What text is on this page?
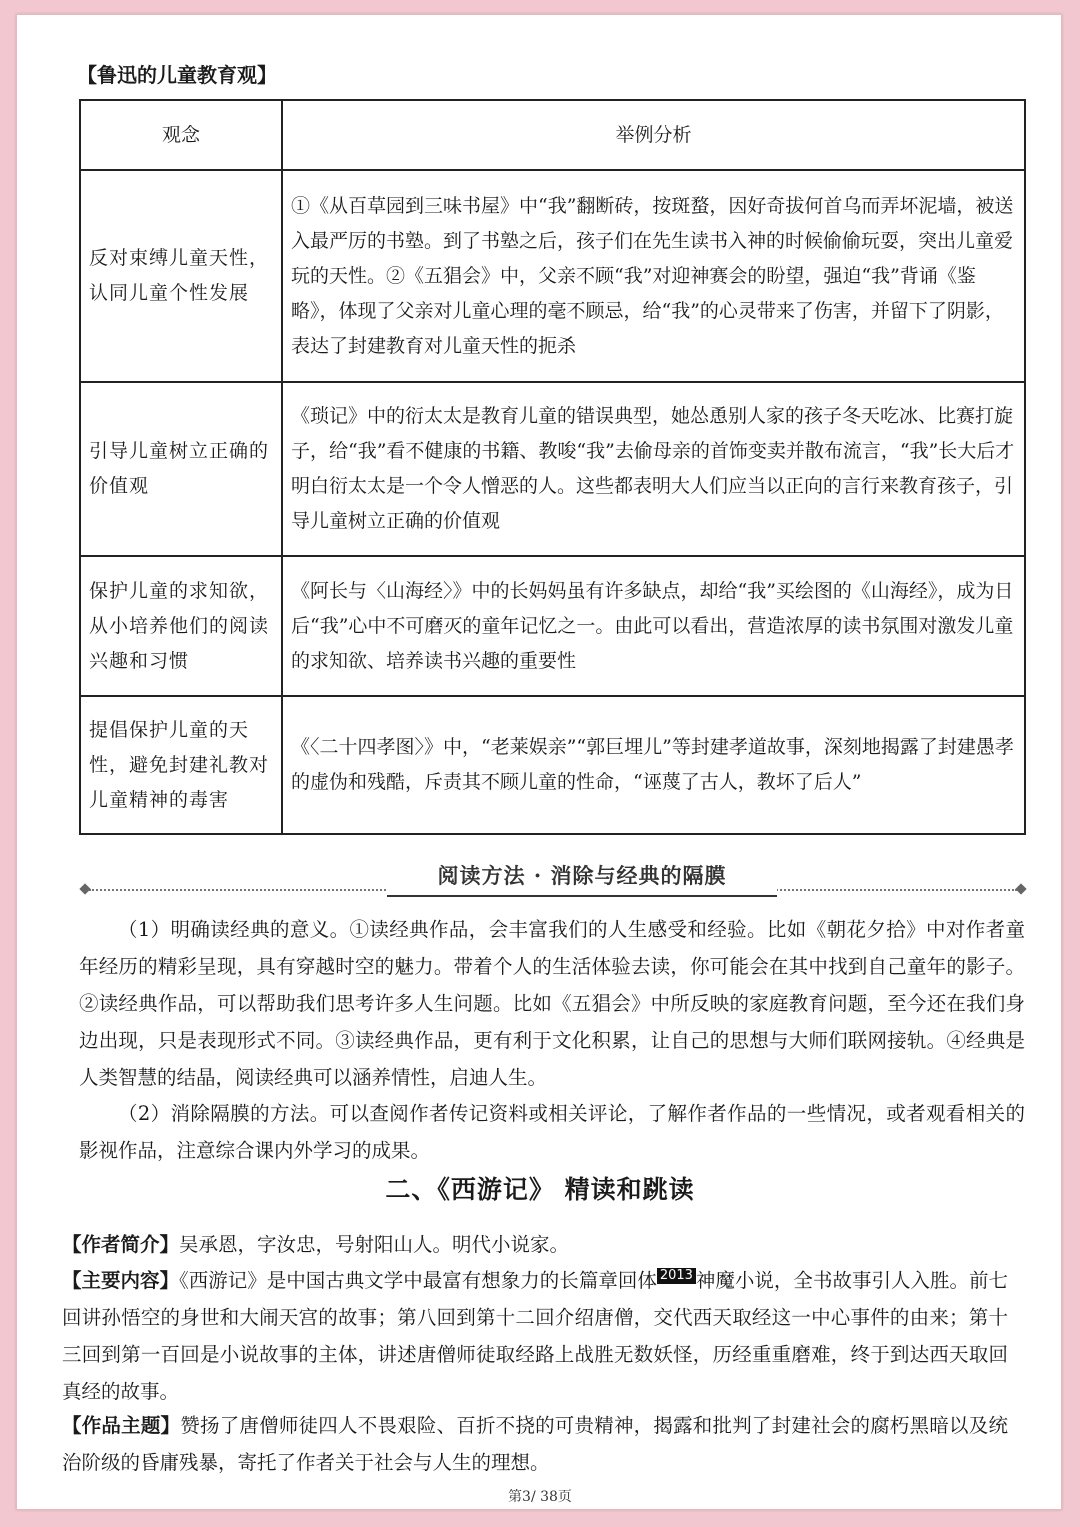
【鲁迅的儿童教育观】
观念	举例分析
反对束缚儿童天性，认同儿童个性发展	①《从百草园到三味书屋》中“我”翻断砖，按斑蝥，因好奇拔何首乌而弄坏泥墙，被送入最严厉的书塾。到了书塾之后，孩子们在先生读书入神的时候偷偷玩耍，突出儿童爱玩的天性。②《五猖会》中，父亲不顾“我”对迎神赛会的盼望，强迫“我”背诵《鉴略》，体现了父亲对儿童心理的毫不顾忌，给“我”的心灵带来了伤害，并留下了阴影，表达了封建教育对儿童天性的扼杀
引导儿童树立正确的价值观	《琐记》中的衍太太是教育儿童的错误典型，她怂恿别人家的孩子冬天吃冰、比赛打旋子，给“我”看不健康的书籍、教唆“我”去偷母亲的首饰变卖并散布流言，“我”长大后才明白衍太太是一个令人憎恶的人。这些都表明大人们应当以正向的言行来教育孩子，引导儿童树立正确的价值观
保护儿童的求知欲，从小培养他们的阅读兴趣和习惯	《阿长与〈山海经〉》中的长妈妈虽有许多缺点，却给“我”买绘图的《山海经》，成为日后“我”心中不可磨灭的童年记忆之一。由此可以看出，营造浓厚的读书氛围对激发儿童的求知欲、培养读书兴趣的重要性
提倡保护儿童的天性，避免封建礼教对儿童精神的毒害	《〈二十四孝图〉》中，“老莱娱亲”“郭巨埋儿”等封建孝道故事，深刻地揭露了封建愚孝的虚伪和残酷，斥责其不顾儿童的性命，“诬蔑了古人，教坏了后人”
阅读方法 · 消除与经典的隔膜
（1）明确读经典的意义。①读经典作品，会丰富我们的人生感受和经验。比如《朝花夕拾》中对作者童年经历的精彩呈现，具有穿越时空的魅力。带着个人的生活体验去读，你可能会在其中找到自己童年的影子。②读经典作品，可以帮助我们思考许多人生问题。比如《五猖会》中所反映的家庭教育问题，至今还在我们身边出现，只是表现形式不同。③读经典作品，更有利于文化积累，让自己的思想与大师们联网接轨。④经典是人类智慧的结晶，阅读经典可以涵养情性，启迪人生。
（2）消除隔膜的方法。可以查阅作者传记资料或相关评论，了解作者作品的一些情况，或者观看相关的影视作品，注意综合课内外学习的成果。
二、《西游记》 精读和跳读
【作者简介】吴承恩，字汝忠，号射阳山人。明代小说家。
【主要内容】《西游记》是中国古典文学中最富有想象力的长篇章回体 2013 神魔小说，全书故事引人入胜。前七回讲孙悟空的身世和大闹天宫的故事；第八回到第十二回介绍唐僧，交代西天取经这一中心事件的由来；第十三回到第一百回是小说故事的主体，讲述唐僧师徒取经路上战胜无数妖怪，历经重重磨难，终于到达西天取回真经的故事。
【作品主题】赞扬了唐僧师徒四人不畏艰险、百折不挠的可贵精神，揭露和批判了封建社会的腐朽黑暗以及统治阶级的昏庸残暴，寄托了作者关于社会与人生的理想。
第3/ 38页
